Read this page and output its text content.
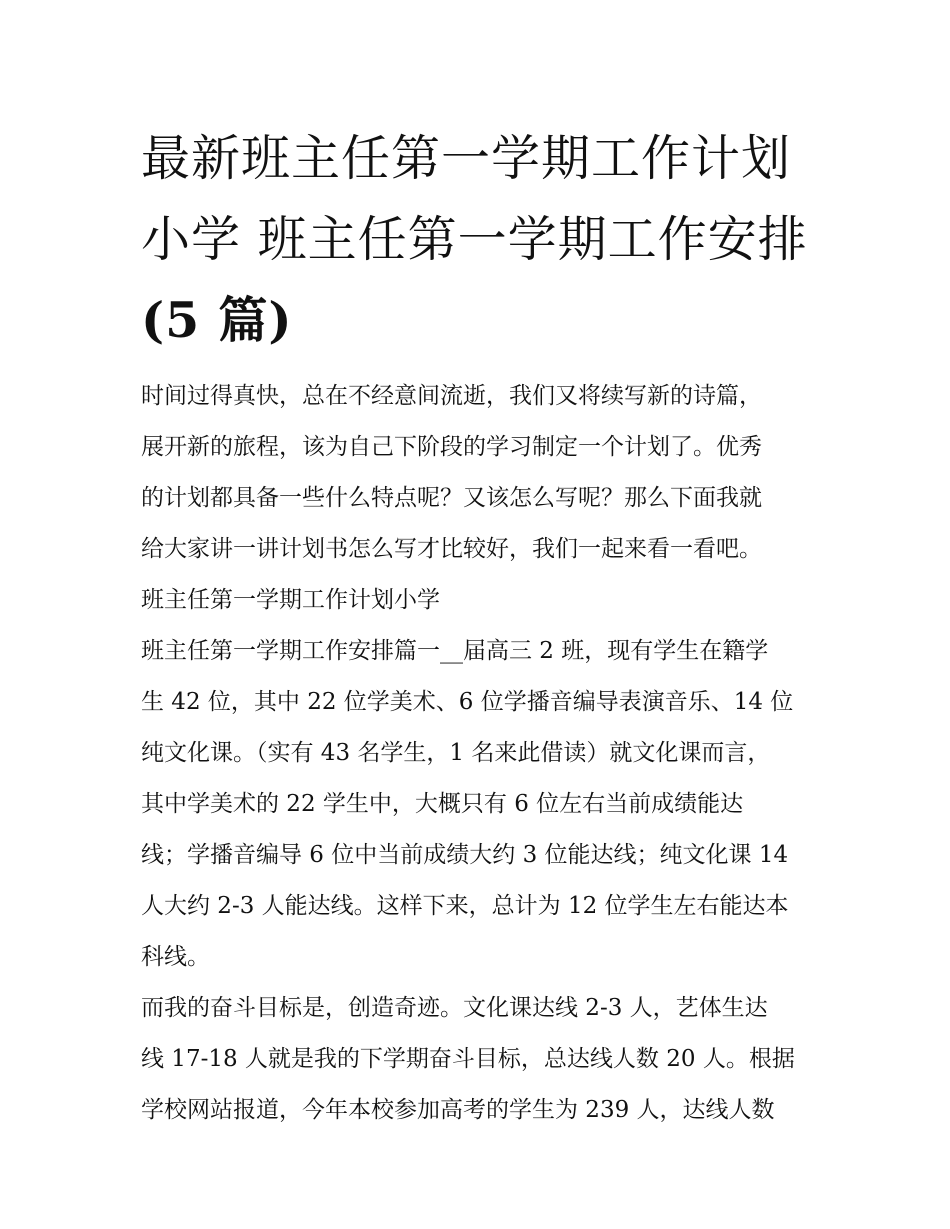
最新班主任第一学期工作计划
小学 班主任第一学期工作安排
(5 篇)

时间过得真快，总在不经意间流逝，我们又将续写新的诗篇，
展开新的旅程，该为自己下阶段的学习制定一个计划了。优秀
的计划都具备一些什么特点呢？又该怎么写呢？那么下面我就
给大家讲一讲计划书怎么写才比较好，我们一起来看一看吧。

班主任第一学期工作计划小学

班主任第一学期工作安排篇一__届高三 2 班，现有学生在籍学
生 42 位，其中 22 位学美术、6 位学播音编导表演音乐、14 位
纯文化课。（实有 43 名学生，1 名来此借读）就文化课而言，
其中学美术的 22 学生中，大概只有 6 位左右当前成绩能达
线；学播音编导 6 位中当前成绩大约 3 位能达线；纯文化课 14
人大约 2-3 人能达线。这样下来，总计为 12 位学生左右能达本
科线。

而我的奋斗目标是，创造奇迹。文化课达线 2-3 人，艺体生达
线 17-18 人就是我的下学期奋斗目标，总达线人数 20 人。根据
学校网站报道，今年本校参加高考的学生为 239 人，达线人数
